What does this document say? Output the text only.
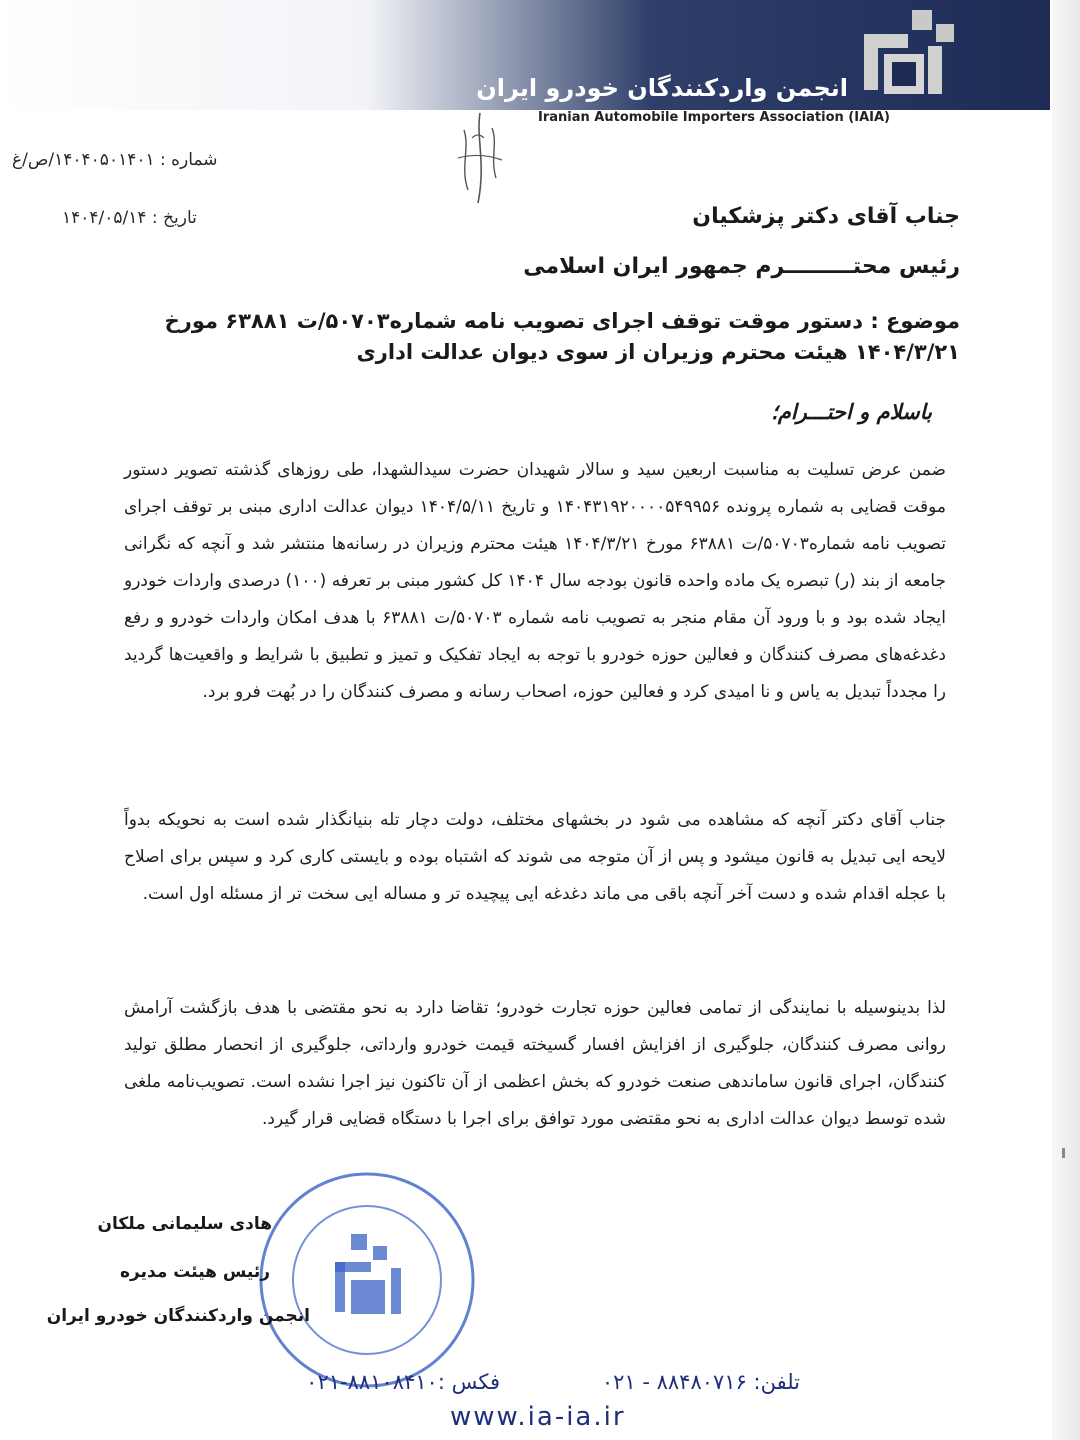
انجمن واردکنندگان خودرو ایران
Iranian Automobile Importers Association (IAIA)
شماره : ۱۴۰۴۰۵۰۱۴۰۱/ص/غ
تاریخ : ۱۴۰۴/۰۵/۱۴	جناب آقای دکتر پزشکیان
رئیس محتـــــــــرم جمهور ایران اسلامی
موضوع : دستور موقت توقف اجرای تصویب نامه شماره۵۰۷۰۳/ت ۶۳۸۸۱ مورخ ۱۴۰۴/۳/۲۱ هیئت محترم وزیران از سوی دیوان عدالت اداری
باسلام و احتـــرام؛
ضمن عرض تسلیت به مناسبت اربعین سید و سالار شهیدان حضرت سیدالشهدا، طی روزهای گذشته تصویر دستور موقت قضایی به شماره پرونده ۱۴۰۴۳۱۹۲۰۰۰۰۵۴۹۹۵۶ و تاریخ ۱۴۰۴/۵/۱۱ دیوان عدالت اداری مبنی بر توقف اجرای تصویب نامه شماره۵۰۷۰۳/ت ۶۳۸۸۱ مورخ ۱۴۰۴/۳/۲۱ هیئت محترم وزیران در رسانه‌ها منتشر شد و آنچه که نگرانی جامعه از بند (ر) تبصره یک ماده واحده قانون بودجه سال ۱۴۰۴ کل کشور مبنی بر تعرفه (۱۰۰) درصدی واردات خودرو ایجاد شده بود و با ورود آن مقام منجر به تصویب نامه شماره ۵۰۷۰۳/ت ۶۳۸۸۱ با هدف امکان واردات خودرو و رفع دغدغه‌های مصرف کنندگان و فعالین حوزه خودرو با توجه به ایجاد تفکیک و تمیز و تطبیق با شرایط و واقعیت‌ها گردید را مجدداً تبدیل به یاس و نا امیدی کرد و فعالین حوزه، اصحاب رسانه و مصرف کنندگان را در بُهت فرو برد.
جناب آقای دکتر آنچه که مشاهده می شود در بخشهای مختلف، دولت دچار تله بنیانگذار شده است به نحویکه بدواً لایحه ایی تبدیل به قانون میشود و پس از آن متوجه می شوند که اشتباه بوده و بایستی کاری کرد و سپس برای اصلاح با عجله اقدام شده و دست آخر آنچه باقی می ماند دغدغه ایی پیچیده تر و مساله ایی سخت تر از مسئله اول است.
لذا بدینوسیله با نمایندگی از تمامی فعالین حوزه تجارت خودرو؛ تقاضا دارد به نحو مقتضی با هدف بازگشت آرامش روانی مصرف کنندگان، جلوگیری از افزایش افسار گسیخته قیمت خودرو وارداتی، جلوگیری از انحصار مطلق تولید کنندگان، اجرای قانون ساماندهی صنعت خودرو که بخش اعظمی از آن تاکنون نیز اجرا نشده است. تصویب‌نامه ملغی شده توسط دیوان عدالت اداری به نحو مقتضی مورد توافق برای اجرا با دستگاه قضایی قرار گیرد.
هادی سلیمانی ملکان
رئیس هیئت مدیره
انجمن واردکنندگان خودرو ایران
تلفن: ۸۸۴۸۰۷۱۶ - ۰۲۱
فکس :۸۸۱۰۸۴۱۰-۰۲۱
www.ia-ia.ir
